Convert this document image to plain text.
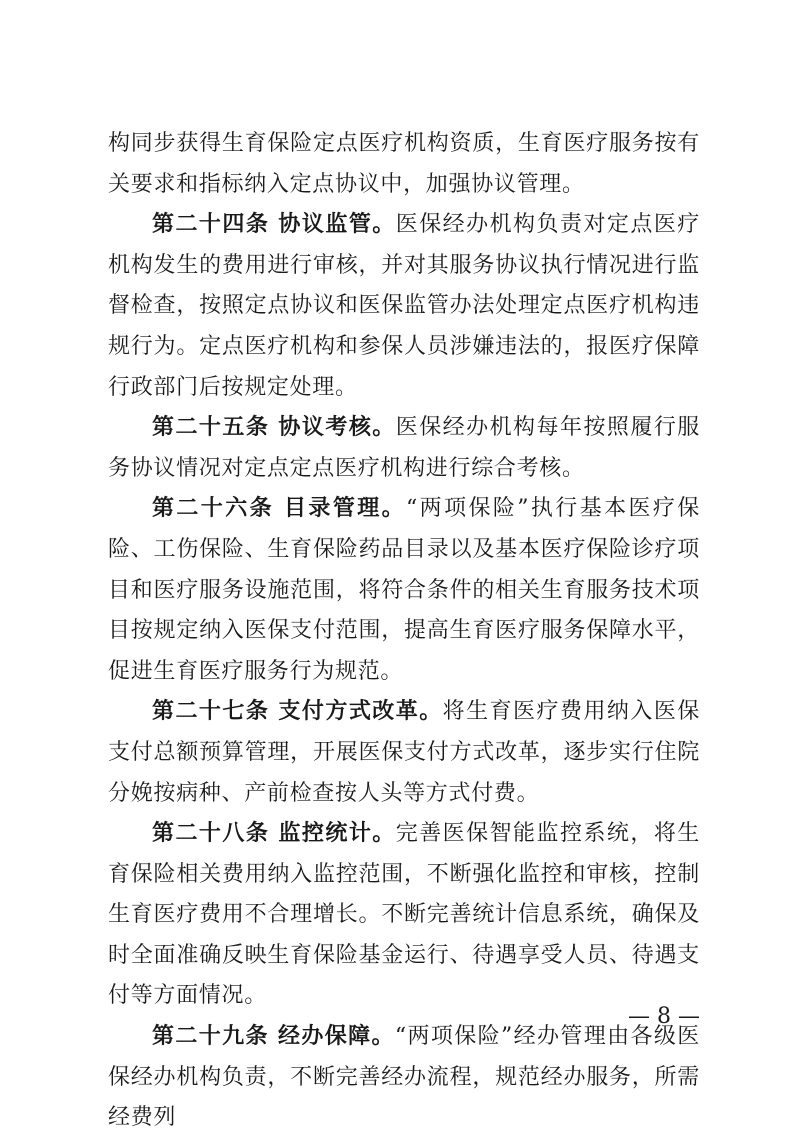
构同步获得生育保险定点医疗机构资质，生育医疗服务按有关要求和指标纳入定点协议中，加强协议管理。

第二十四条 协议监管。医保经办机构负责对定点医疗机构发生的费用进行审核，并对其服务协议执行情况进行监督检查，按照定点协议和医保监管办法处理定点医疗机构违规行为。定点医疗机构和参保人员涉嫌违法的，报医疗保障行政部门后按规定处理。

第二十五条 协议考核。医保经办机构每年按照履行服务协议情况对定点定点医疗机构进行综合考核。

第二十六条 目录管理。“两项保险”执行基本医疗保险、工伤保险、生育保险药品目录以及基本医疗保险诊疗项目和医疗服务设施范围，将符合条件的相关生育服务技术项目按规定纳入医保支付范围，提高生育医疗服务保障水平，促进生育医疗服务行为规范。

第二十七条 支付方式改革。将生育医疗费用纳入医保支付总额预算管理，开展医保支付方式改革，逐步实行住院分娩按病种、产前检查按人头等方式付费。

第二十八条 监控统计。完善医保智能监控系统，将生育保险相关费用纳入监控范围，不断强化监控和审核，控制生育医疗费用不合理增长。不断完善统计信息系统，确保及时全面准确反映生育保险基金运行、待遇享受人员、待遇支付等方面情况。

第二十九条 经办保障。“两项保险”经办管理由各级医保经办机构负责，不断完善经办流程，规范经办服务，所需经费列

— 8 —
